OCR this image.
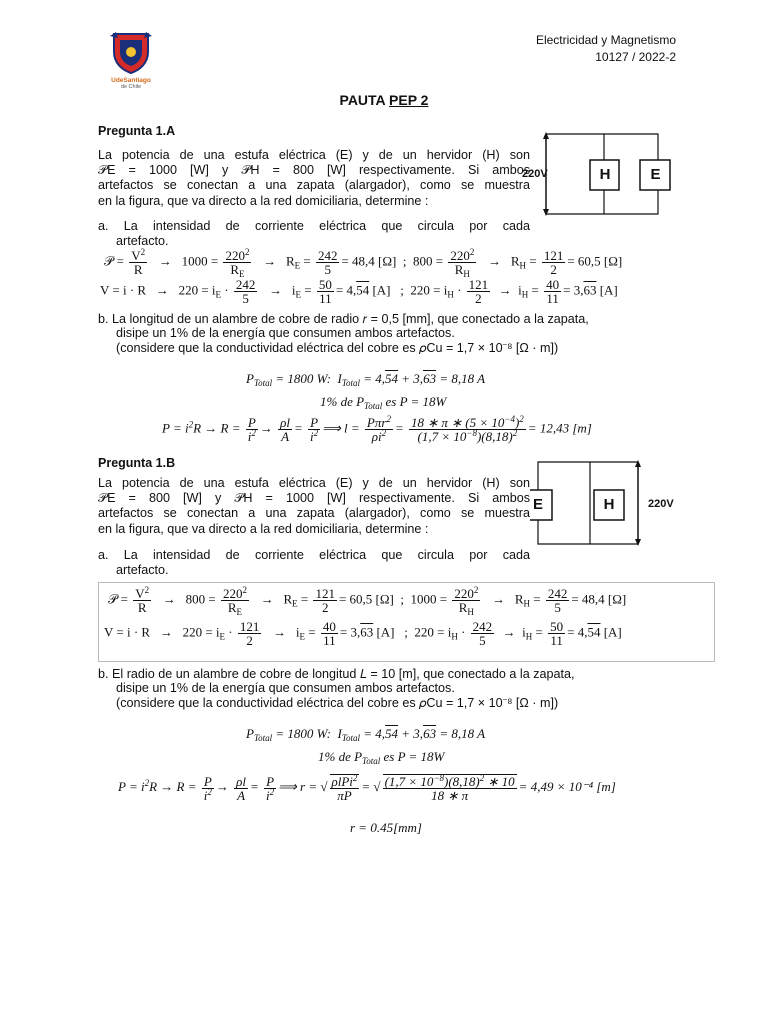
UdeSantiago
de Chile
Electricidad y Magnetismo
10127 / 2022-2
PAUTA PEP 2
Pregunta 1.A
La potencia de una estufa eléctrica (E) y de un hervidor (H) son
𝒫E = 1000 [W] y 𝒫H = 800 [W] respectivamente. Si ambos
artefactos se conectan a una zapata (alargador), como se muestra
en la figura, que va directo a la red domiciliaria, determine :
220V	H	E
a. La intensidad de corriente eléctrica que circula por cada
artefacto.
𝒫 = $\frac{V^2}{R} \to 1000 = \frac{220^2}{R_E} \to R_E = \frac{242}{5} = 48,4$ [Ω]  ;  $800 = \frac{220^2}{R_H} \to R_H = \frac{121}{2} = 60,5$ [Ω]
$V = i \cdot R \to 220 = i_E \cdot \frac{242}{5} \to i_E = \frac{50}{11} = 4,54$ [A]   ;  $220 = i_H \cdot \frac{121}{2} \to i_H = \frac{40}{11} = 3,63$ [A]
b. La longitud de un alambre de cobre de radio 𝑟 = 0,5 [mm], que conectado a la zapata,
disipe un 1% de la energía que consumen ambos artefactos.
(considere que la conductividad eléctrica del cobre es 𝜌Cu = 1,7 × 10⁻⁸ [Ω · m])
$P_{Total} = 1800$ W:  $I_{Total} = 4,54 + 3,63 = 8,18$ A
1% de $P_{Total}$ es P = 18W
$P = i^2R \to R = \frac{P}{i^2} \to \frac{\rho l}{A} = \frac{P}{i^2}$ ⟹ $l = \frac{P\pi r^2}{\rho i^2} = \frac{18 ∗ \pi ∗ (5 \times 10^{-4})^2}{(1,7 \times 10^{-8})(8,18)^2} = 12,43$ [m]
Pregunta 1.B
La potencia de una estufa eléctrica (E) y de un hervidor (H) son
𝒫E = 800 [W] y 𝒫H = 1000 [W] respectivamente. Si ambos
artefactos se conectan a una zapata (alargador), como se muestra
en la figura, que va directo a la red domiciliaria, determine :
E	H	220V
a. La intensidad de corriente eléctrica que circula por cada
artefacto.
𝒫 = $\frac{V^2}{R} \to 800 = \frac{220^2}{R_E} \to R_E = \frac{121}{2} = 60,5$ [Ω]  ;  $1000 = \frac{220^2}{R_H} \to R_H = \frac{242}{5} = 48,4$ [Ω]
$V = i \cdot R \to 220 = i_E \cdot \frac{121}{2} \to i_E = \frac{40}{11} = 3,63$ [A]   ;  $220 = i_H \cdot \frac{242}{5} \to i_H = \frac{50}{11} = 4,54$ [A]
b. El radio de un alambre de cobre de longitud 𝐿 = 10 [m], que conectado a la zapata,
disipe un 1% de la energía que consumen ambos artefactos.
(considere que la conductividad eléctrica del cobre es 𝜌Cu = 1,7 × 10⁻⁸ [Ω · m])
$P_{Total} = 1800$ W:  $I_{Total} = 4,54 + 3,63 = 8,18$ A
1% de $P_{Total}$ es P = 18W
$P = i^2R \to R = \frac{P}{i^2} \to \frac{\rho l}{A} = \frac{P}{i^2}$ ⟹ r = √ $\frac{\rho lPi^2}{\pi P}$ = √ $\frac{(1,7 \times 10^{-8})(8,18)^2 ∗ 10}{18 ∗ \pi} = 4,49 \times 10^{-4}$ [m]
r = 0.45[mm]
